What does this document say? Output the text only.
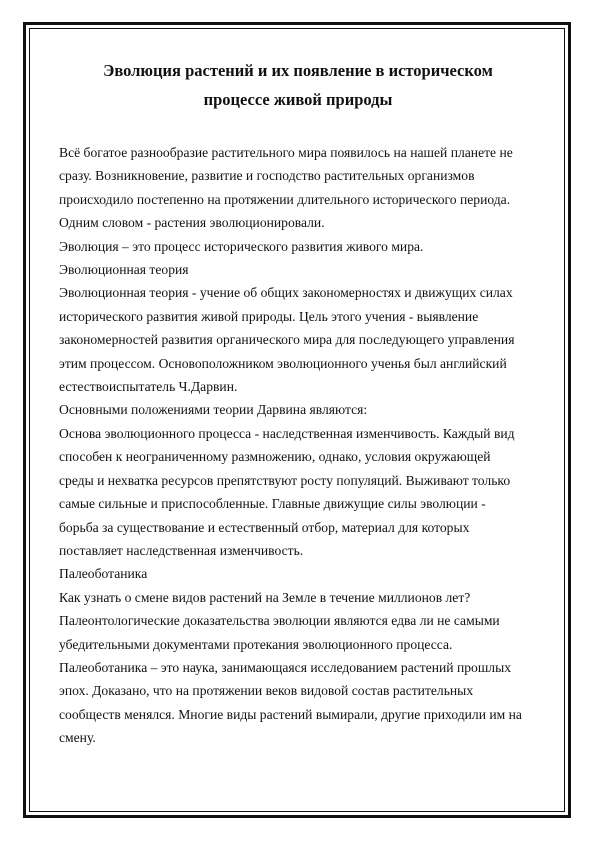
Эволюция растений и их появление в историческом
процессе живой природы
Всё богатое разнообразие растительного мира появилось на нашей планете не
сразу. Возникновение, развитие и господство растительных организмов
происходило постепенно на протяжении длительного исторического периода.
Одним словом - растения эволюционировали.
Эволюция – это процесс исторического развития живого мира.
Эволюционная теория
Эволюционная теория - учение об общих закономерностях и движущих силах
исторического развития живой природы. Цель этого учения - выявление
закономерностей развития органического мира для последующего управления
этим процессом. Основоположником эволюционного ученья был английский
естествоиспытатель Ч.Дарвин.
Основными положениями теории Дарвина являются:
Основа эволюционного процесса - наследственная изменчивость. Каждый вид
способен к неограниченному размножению, однако, условия окружающей
среды и нехватка ресурсов препятствуют росту популяций. Выживают только
самые сильные и приспособленные. Главные движущие силы эволюции -
борьба за существование и естественный отбор, материал для которых
поставляет наследственная изменчивость.
Палеоботаника
Как узнать о смене видов растений на Земле в течение миллионов лет?
Палеонтологические доказательства эволюции являются едва ли не самыми
убедительными документами протекания эволюционного процесса.
Палеоботаника – это наука, занимающаяся исследованием растений прошлых
эпох. Доказано, что на протяжении веков видовой состав растительных
сообществ менялся. Многие виды растений вымирали, другие приходили им на
смену.
